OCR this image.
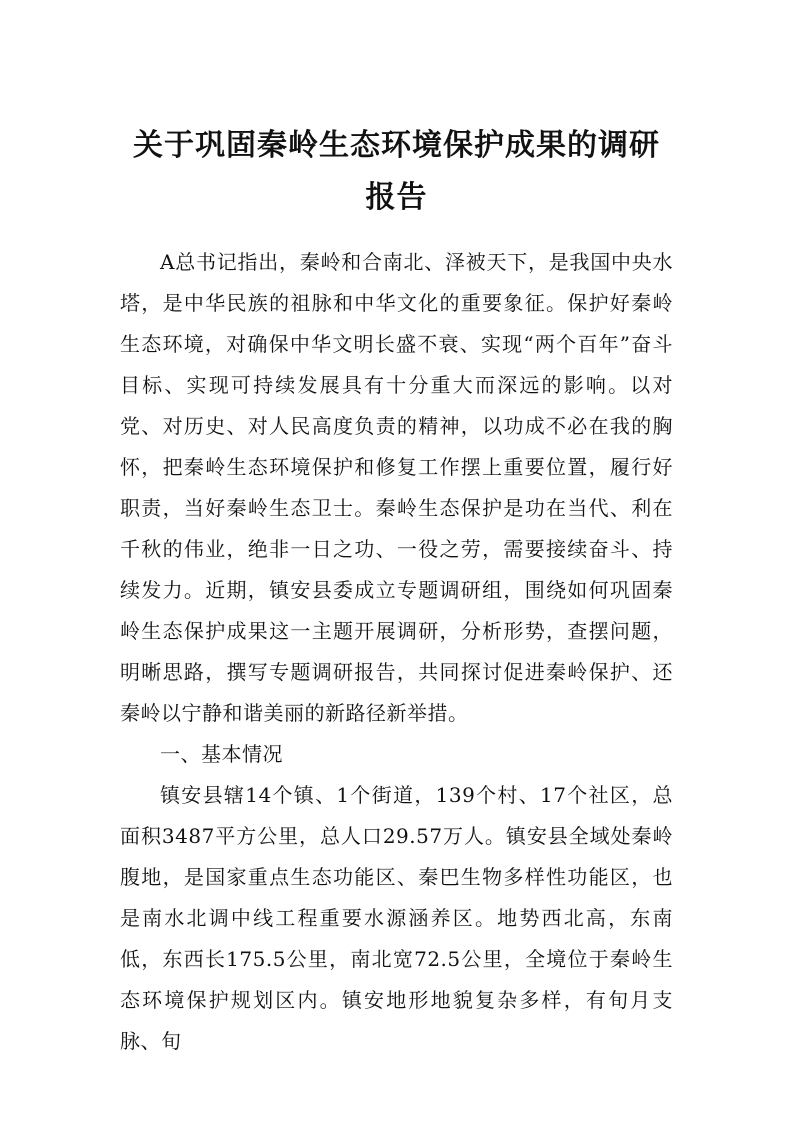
关于巩固秦岭生态环境保护成果的调研报告

A总书记指出，秦岭和合南北、泽被天下，是我国中央水塔，是中华民族的祖脉和中华文化的重要象征。保护好秦岭生态环境，对确保中华文明长盛不衰、实现“两个百年”奋斗目标、实现可持续发展具有十分重大而深远的影响。以对党、对历史、对人民高度负责的精神，以功成不必在我的胸怀，把秦岭生态环境保护和修复工作摆上重要位置，履行好职责，当好秦岭生态卫士。秦岭生态保护是功在当代、利在千秋的伟业，绝非一日之功、一役之劳，需要接续奋斗、持续发力。近期，镇安县委成立专题调研组，围绕如何巩固秦岭生态保护成果这一主题开展调研，分析形势，查摆问题，明晰思路，撰写专题调研报告，共同探讨促进秦岭保护、还秦岭以宁静和谐美丽的新路径新举措。

一、基本情况

镇安县辖14个镇、1个街道，139个村、17个社区，总面积3487平方公里，总人口29.57万人。镇安县全域处秦岭腹地，是国家重点生态功能区、秦巴生物多样性功能区，也是南水北调中线工程重要水源涵养区。地势西北高，东南低，东西长175.5公里，南北宽72.5公里，全境位于秦岭生态环境保护规划区内。镇安地形地貌复杂多样，有旬月支脉、旬
